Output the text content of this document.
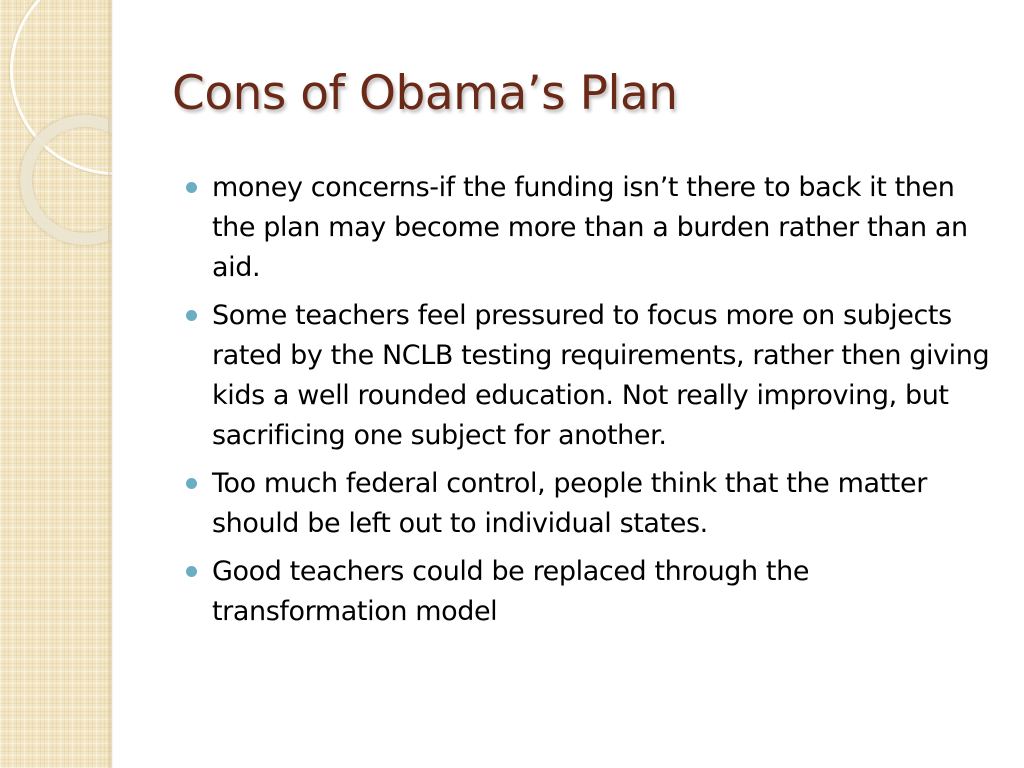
Cons of Obama’s Plan
money concerns-if the funding isn’t there to back it then the plan may become more than a burden rather than an aid.
Some teachers feel pressured to focus more on subjects rated by the NCLB testing requirements, rather then giving kids a well rounded education. Not really improving, but sacrificing one subject for another.
Too much federal control, people think that the matter should be left out to individual states.
Good teachers could be replaced through the transformation model
